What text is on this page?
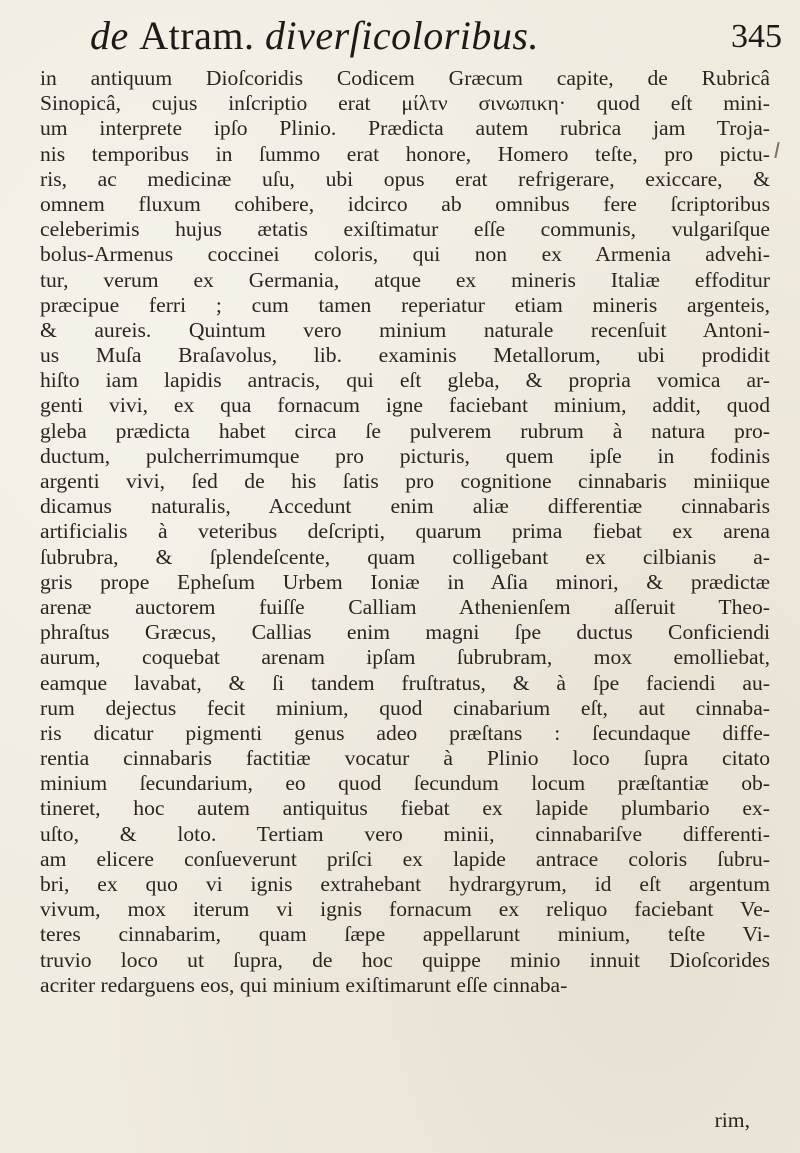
de Atram. diverſicoloribus.	345
in antiquum Dioſcoridis Codicem Græcum capite, de Rubricâ
Sinopicâ, cujus inſcriptio erat μίλτν σινωπικη· quod eſt mini-
um interprete ipſo Plinio. Prædicta autem rubrica jam Troja-
nis temporibus in ſummo erat honore, Homero teſte, pro pictu-
ris, ac medicinæ uſu, ubi opus erat refrigerare, exiccare, &
omnem fluxum cohibere, idcirco ab omnibus fere ſcriptoribus
celeberimis hujus ætatis exiſtimatur eſſe communis, vulgariſque
bolus-Armenus coccinei coloris, qui non ex Armenia advehi-
tur, verum ex Germania, atque ex mineris Italiæ effoditur
præcipue ferri ; cum tamen reperiatur etiam mineris argenteis,
& aureis. Quintum vero minium naturale recenſuit Antoni-
us Muſa Braſavolus, lib. examinis Metallorum, ubi prodidit
hiſto iam lapidis antracis, qui eſt gleba, & propria vomica ar-
genti vivi, ex qua fornacum igne faciebant minium, addit, quod
gleba prædicta habet circa ſe pulverem rubrum à natura pro-
ductum, pulcherrimumque pro picturis, quem ipſe in fodinis
argenti vivi, ſed de his ſatis pro cognitione cinnabaris miniique
dicamus naturalis, Accedunt enim aliæ differentiæ cinnabaris
artificialis à veteribus deſcripti, quarum prima fiebat ex arena
ſubrubra, & ſplendeſcente, quam colligebant ex cilbianis a-
gris prope Epheſum Urbem Ioniæ in Aſia minori, & prædictæ
arenæ auctorem fuiſſe Calliam Athenienſem aſſeruit Theo-
phraſtus Græcus, Callias enim magni ſpe ductus Conficiendi
aurum, coquebat arenam ipſam ſubrubram, mox emolliebat,
eamque lavabat, & ſi tandem fruſtratus, & à ſpe faciendi au-
rum dejectus fecit minium, quod cinabarium eſt, aut cinnaba-
ris dicatur pigmenti genus adeo præſtans : ſecundaque diffe-
rentia cinnabaris factitiæ vocatur à Plinio loco ſupra citato
minium ſecundarium, eo quod ſecundum locum præſtantiæ ob-
tineret, hoc autem antiquitus fiebat ex lapide plumbario ex-
uſto, & loto. Tertiam vero minii, cinnabariſve differenti-
am elicere conſueverunt priſci ex lapide antrace coloris ſubru-
bri, ex quo vi ignis extrahebant hydrargyrum, id eſt argentum
vivum, mox iterum vi ignis fornacum ex reliquo faciebant Ve-
teres cinnabarim, quam ſæpe appellarunt minium, teſte Vi-
truvio loco ut ſupra, de hoc quippe minio innuit Dioſcorides
acriter redarguens eos, qui minium exiſtimarunt eſſe cinnaba-
rim,
